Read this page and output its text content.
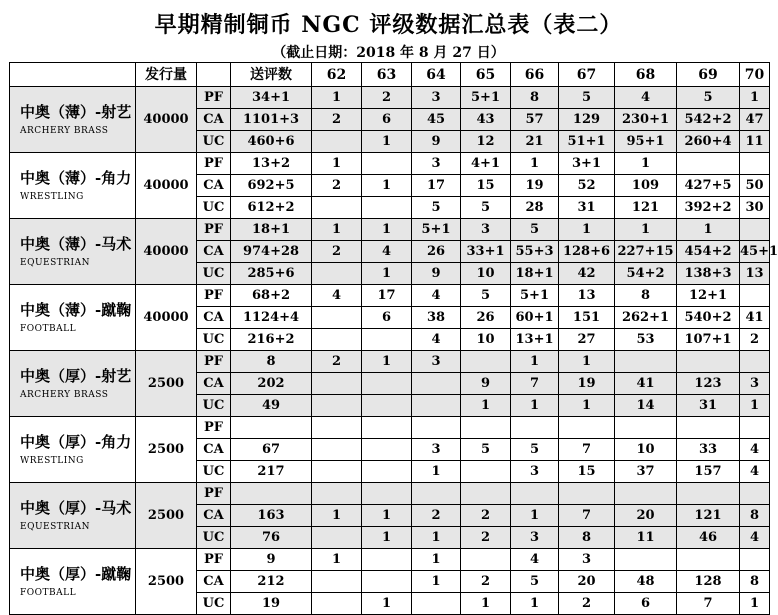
早期精制铜币 NGC 评级数据汇总表（表二）
（截止日期：2018 年 8 月 27 日）
	发行量		送评数	62	63	64	65	66	67	68	69	70

中奥（薄）-射艺
ARCHERY BRASS	40000	PF	34+1	1	2	3	5+1	8	5	4	5	1
		CA	1101+3	2	6	45	43	57	129	230+1	542+2	47
		UC	460+6		1	9	12	21	51+1	95+1	260+4	11

中奥（薄）-角力
WRESTLING	40000	PF	13+2	1		3	4+1	1	3+1	1		
		CA	692+5	2	1	17	15	19	52	109	427+5	50
		UC	612+2			5	5	28	31	121	392+2	30

中奥（薄）-马术
EQUESTRIAN	40000	PF	18+1	1	1	5+1	3	5	1	1	1	
		CA	974+28	2	4	26	33+1	55+3	128+6	227+15	454+2	45+1
		UC	285+6		1	9	10	18+1	42	54+2	138+3	13

中奥（薄）-蹴鞠
FOOTBALL	40000	PF	68+2	4	17	4	5	5+1	13	8	12+1	
		CA	1124+4		6	38	26	60+1	151	262+1	540+2	41
		UC	216+2			4	10	13+1	27	53	107+1	2

中奥（厚）-射艺
ARCHERY BRASS	2500	PF	8	2	1	3		1	1			
		CA	202				9	7	19	41	123	3
		UC	49				1	1	1	14	31	1

中奥（厚）-角力
WRESTLING	2500	PF										
		CA	67			3	5	5	7	10	33	4
		UC	217			1		3	15	37	157	4

中奥（厚）-马术
EQUESTRIAN	2500	PF										
		CA	163	1	1	2	2	1	7	20	121	8
		UC	76		1	1	2	3	8	11	46	4

中奥（厚）-蹴鞠
FOOTBALL	2500	PF	9	1		1		4	3			
		CA	212			1	2	5	20	48	128	8
		UC	19		1		1	1	2	6	7	1
